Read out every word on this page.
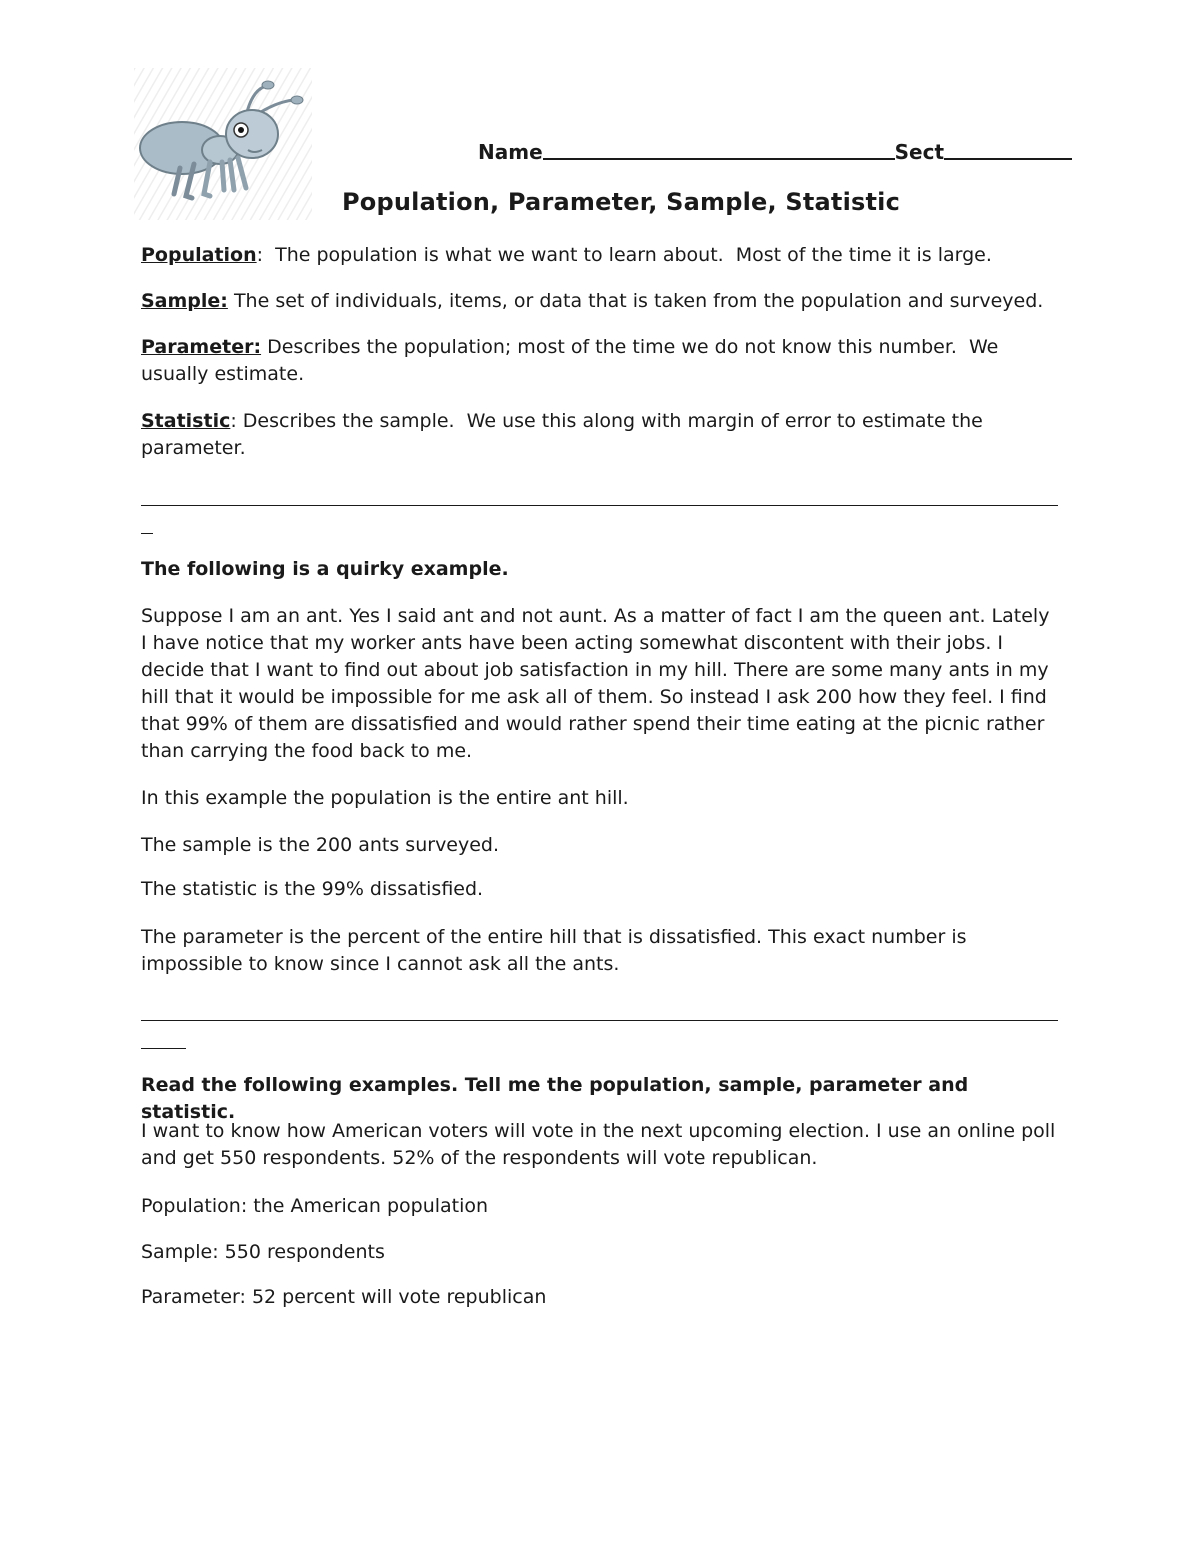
Name	Sect
Population, Parameter, Sample, Statistic

Population:  The population is what we want to learn about.  Most of the time it is large.

Sample: The set of individuals, items, or data that is taken from the population and surveyed.

Parameter: Describes the population; most of the time we do not know this number.  We usually estimate.

Statistic: Describes the sample.  We use this along with margin of error to estimate the parameter.

The following is a quirky example.

Suppose I am an ant. Yes I said ant and not aunt. As a matter of fact I am the queen ant. Lately I have notice that my worker ants have been acting somewhat discontent with their jobs. I decide that I want to find out about job satisfaction in my hill. There are some many ants in my hill that it would be impossible for me ask all of them. So instead I ask 200 how they feel. I find that 99% of them are dissatisfied and would rather spend their time eating at the picnic rather than carrying the food back to me.

In this example the population is the entire ant hill.

The sample is the 200 ants surveyed.

The statistic is the 99% dissatisfied.

The parameter is the percent of the entire hill that is dissatisfied. This exact number is impossible to know since I cannot ask all the ants.

Read the following examples. Tell me the population, sample, parameter and statistic.

I want to know how American voters will vote in the next upcoming election. I use an online poll and get 550 respondents. 52% of the respondents will vote republican.

Population: the American population

Sample: 550 respondents

Parameter: 52 percent will vote republican
